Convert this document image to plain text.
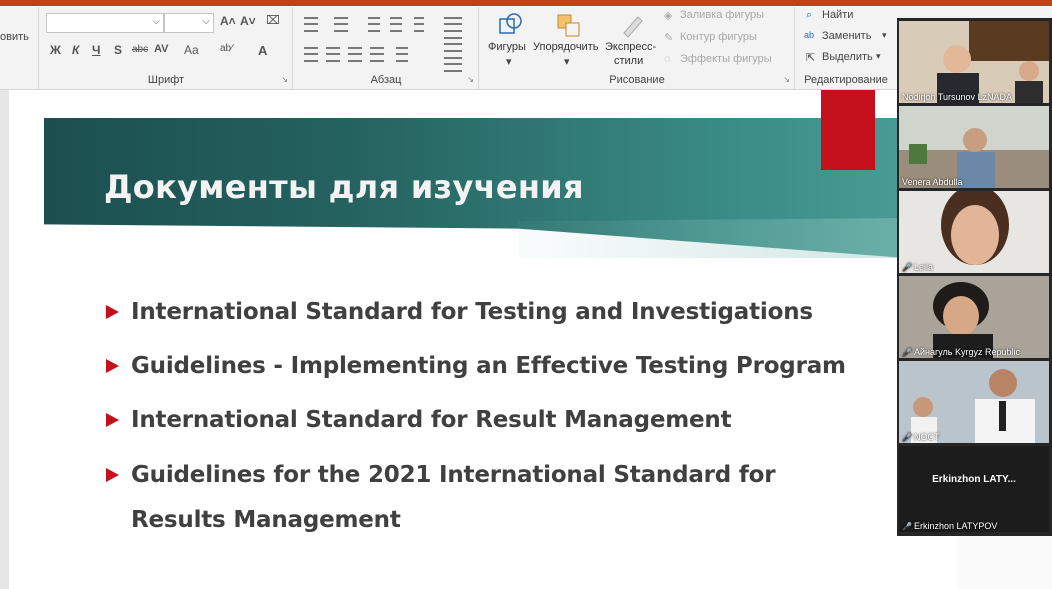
овить
⌵	⌵ A˄ A˅ ⌧
Ж К Ч S abc AV Aa ab⁄ A
Шрифт	↘	Абзац	↘
Фигуры
▾
Упорядочить
▾
Экспресс-
стили
◈ Заливка фигуры
✎ Контур фигуры
◌ Эффекты фигуры
Рисование	↘
⌕ Найти
ab Заменить ▾
⇱ Выделить ▾
Редактирование
Документы для изучения
International Standard for Testing and Investigations
Guidelines - Implementing an Effective Testing Program
International Standard for Result Management
Guidelines for the 2021 International Standard for Results Management
Nodirjon Tursunov LzNADA
Venera Abdulla
🎤 Leila
🎤 Айнагуль Kyrgyz Republic
🎤 NOCT
Erkinzhon LATY...
🎤 Erkinzhon LATYPOV
